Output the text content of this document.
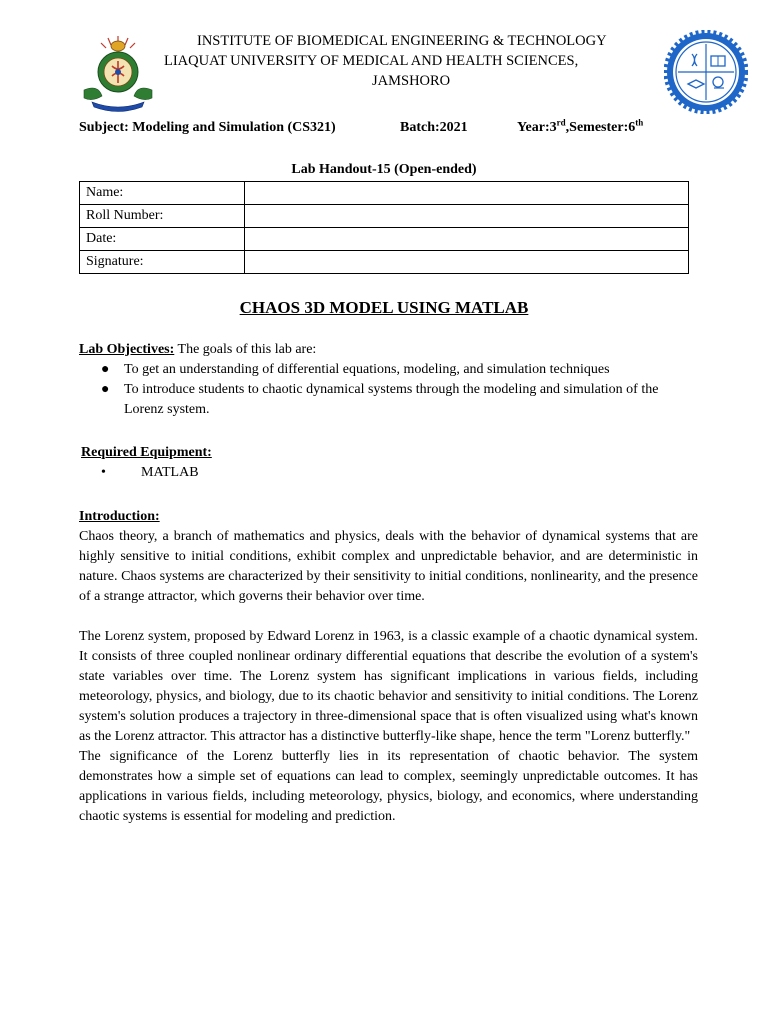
INSTITUTE OF BIOMEDICAL ENGINEERING & TECHNOLOGY
LIAQUAT UNIVERSITY OF MEDICAL AND HEALTH SCIENCES,
JAMSHORO
Subject: Modeling and Simulation (CS321)	Batch:2021	Year:3rd,Semester:6th
Lab Handout-15 (Open-ended)
Name:	
Roll Number:	
Date:	
Signature:	
CHAOS 3D MODEL USING MATLAB
Lab Objectives: The goals of this lab are:
● To get an understanding of differential equations, modeling, and simulation techniques
● To introduce students to chaotic dynamical systems through the modeling and simulation of the Lorenz system.
Required Equipment:
•	MATLAB
Introduction:

Chaos theory, a branch of mathematics and physics, deals with the behavior of dynamical systems that are highly sensitive to initial conditions, exhibit complex and unpredictable behavior, and are deterministic in nature. Chaos systems are characterized by their sensitivity to initial conditions, nonlinearity, and the presence of a strange attractor, which governs their behavior over time.

The Lorenz system, proposed by Edward Lorenz in 1963, is a classic example of a chaotic dynamical system. It consists of three coupled nonlinear ordinary differential equations that describe the evolution of a system's state variables over time. The Lorenz system has significant implications in various fields, including meteorology, physics, and biology, due to its chaotic behavior and sensitivity to initial conditions. The Lorenz system's solution produces a trajectory in three-dimensional space that is often visualized using what's known as the Lorenz attractor. This attractor has a distinctive butterfly-like shape, hence the term "Lorenz butterfly."

The significance of the Lorenz butterfly lies in its representation of chaotic behavior. The system demonstrates how a simple set of equations can lead to complex, seemingly unpredictable outcomes. It has applications in various fields, including meteorology, physics, biology, and economics, where understanding chaotic systems is essential for modeling and prediction.
